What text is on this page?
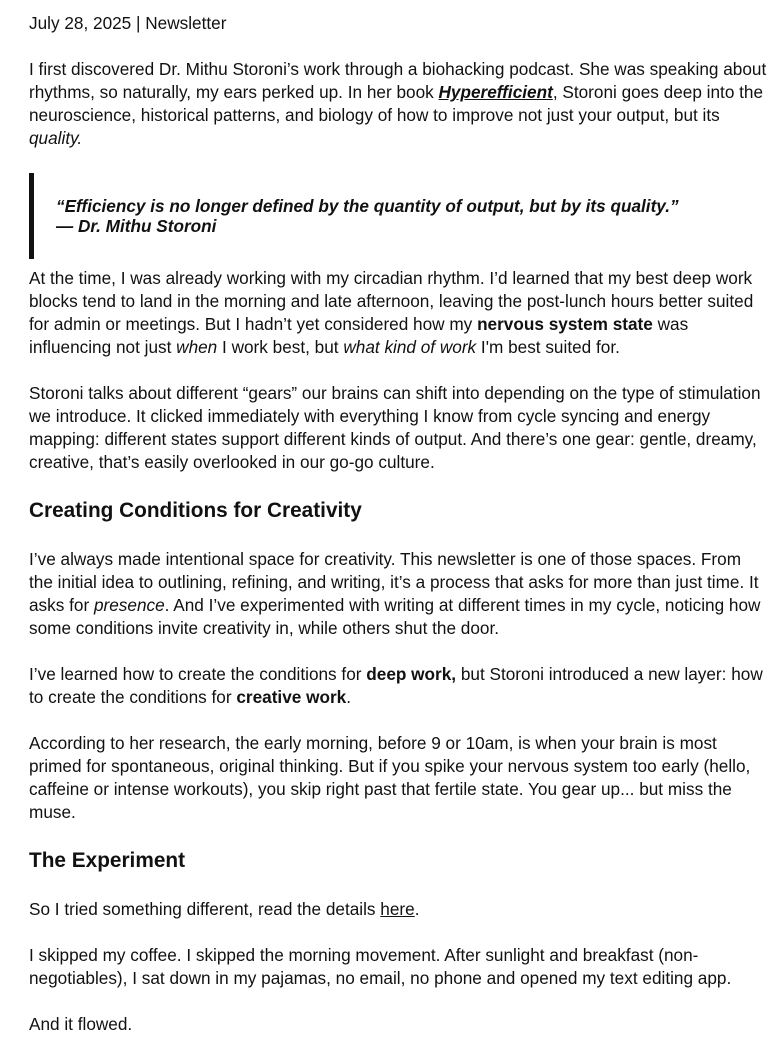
July 28, 2025 | Newsletter

I first discovered Dr. Mithu Storoni’s work through a biohacking podcast. She was speaking about rhythms, so naturally, my ears perked up. In her book Hyperefficient, Storoni goes deep into the neuroscience, historical patterns, and biology of how to improve not just your output, but its quality.

“Efficiency is no longer defined by the quantity of output, but by its quality.”
— Dr. Mithu Storoni

At the time, I was already working with my circadian rhythm. I’d learned that my best deep work blocks tend to land in the morning and late afternoon, leaving the post-lunch hours better suited for admin or meetings. But I hadn’t yet considered how my nervous system state was influencing not just when I work best, but what kind of work I'm best suited for.

Storoni talks about different “gears” our brains can shift into depending on the type of stimulation we introduce. It clicked immediately with everything I know from cycle syncing and energy mapping: different states support different kinds of output. And there’s one gear: gentle, dreamy, creative, that’s easily overlooked in our go-go culture.

Creating Conditions for Creativity

I’ve always made intentional space for creativity. This newsletter is one of those spaces. From the initial idea to outlining, refining, and writing, it’s a process that asks for more than just time. It asks for presence. And I’ve experimented with writing at different times in my cycle, noticing how some conditions invite creativity in, while others shut the door.

I’ve learned how to create the conditions for deep work, but Storoni introduced a new layer: how to create the conditions for creative work.

According to her research, the early morning, before 9 or 10am, is when your brain is most primed for spontaneous, original thinking. But if you spike your nervous system too early (hello, caffeine or intense workouts), you skip right past that fertile state. You gear up... but miss the muse.

The Experiment

So I tried something different, read the details here.

I skipped my coffee. I skipped the morning movement. After sunlight and breakfast (non-negotiables), I sat down in my pajamas, no email, no phone and opened my text editing app.

And it flowed.
